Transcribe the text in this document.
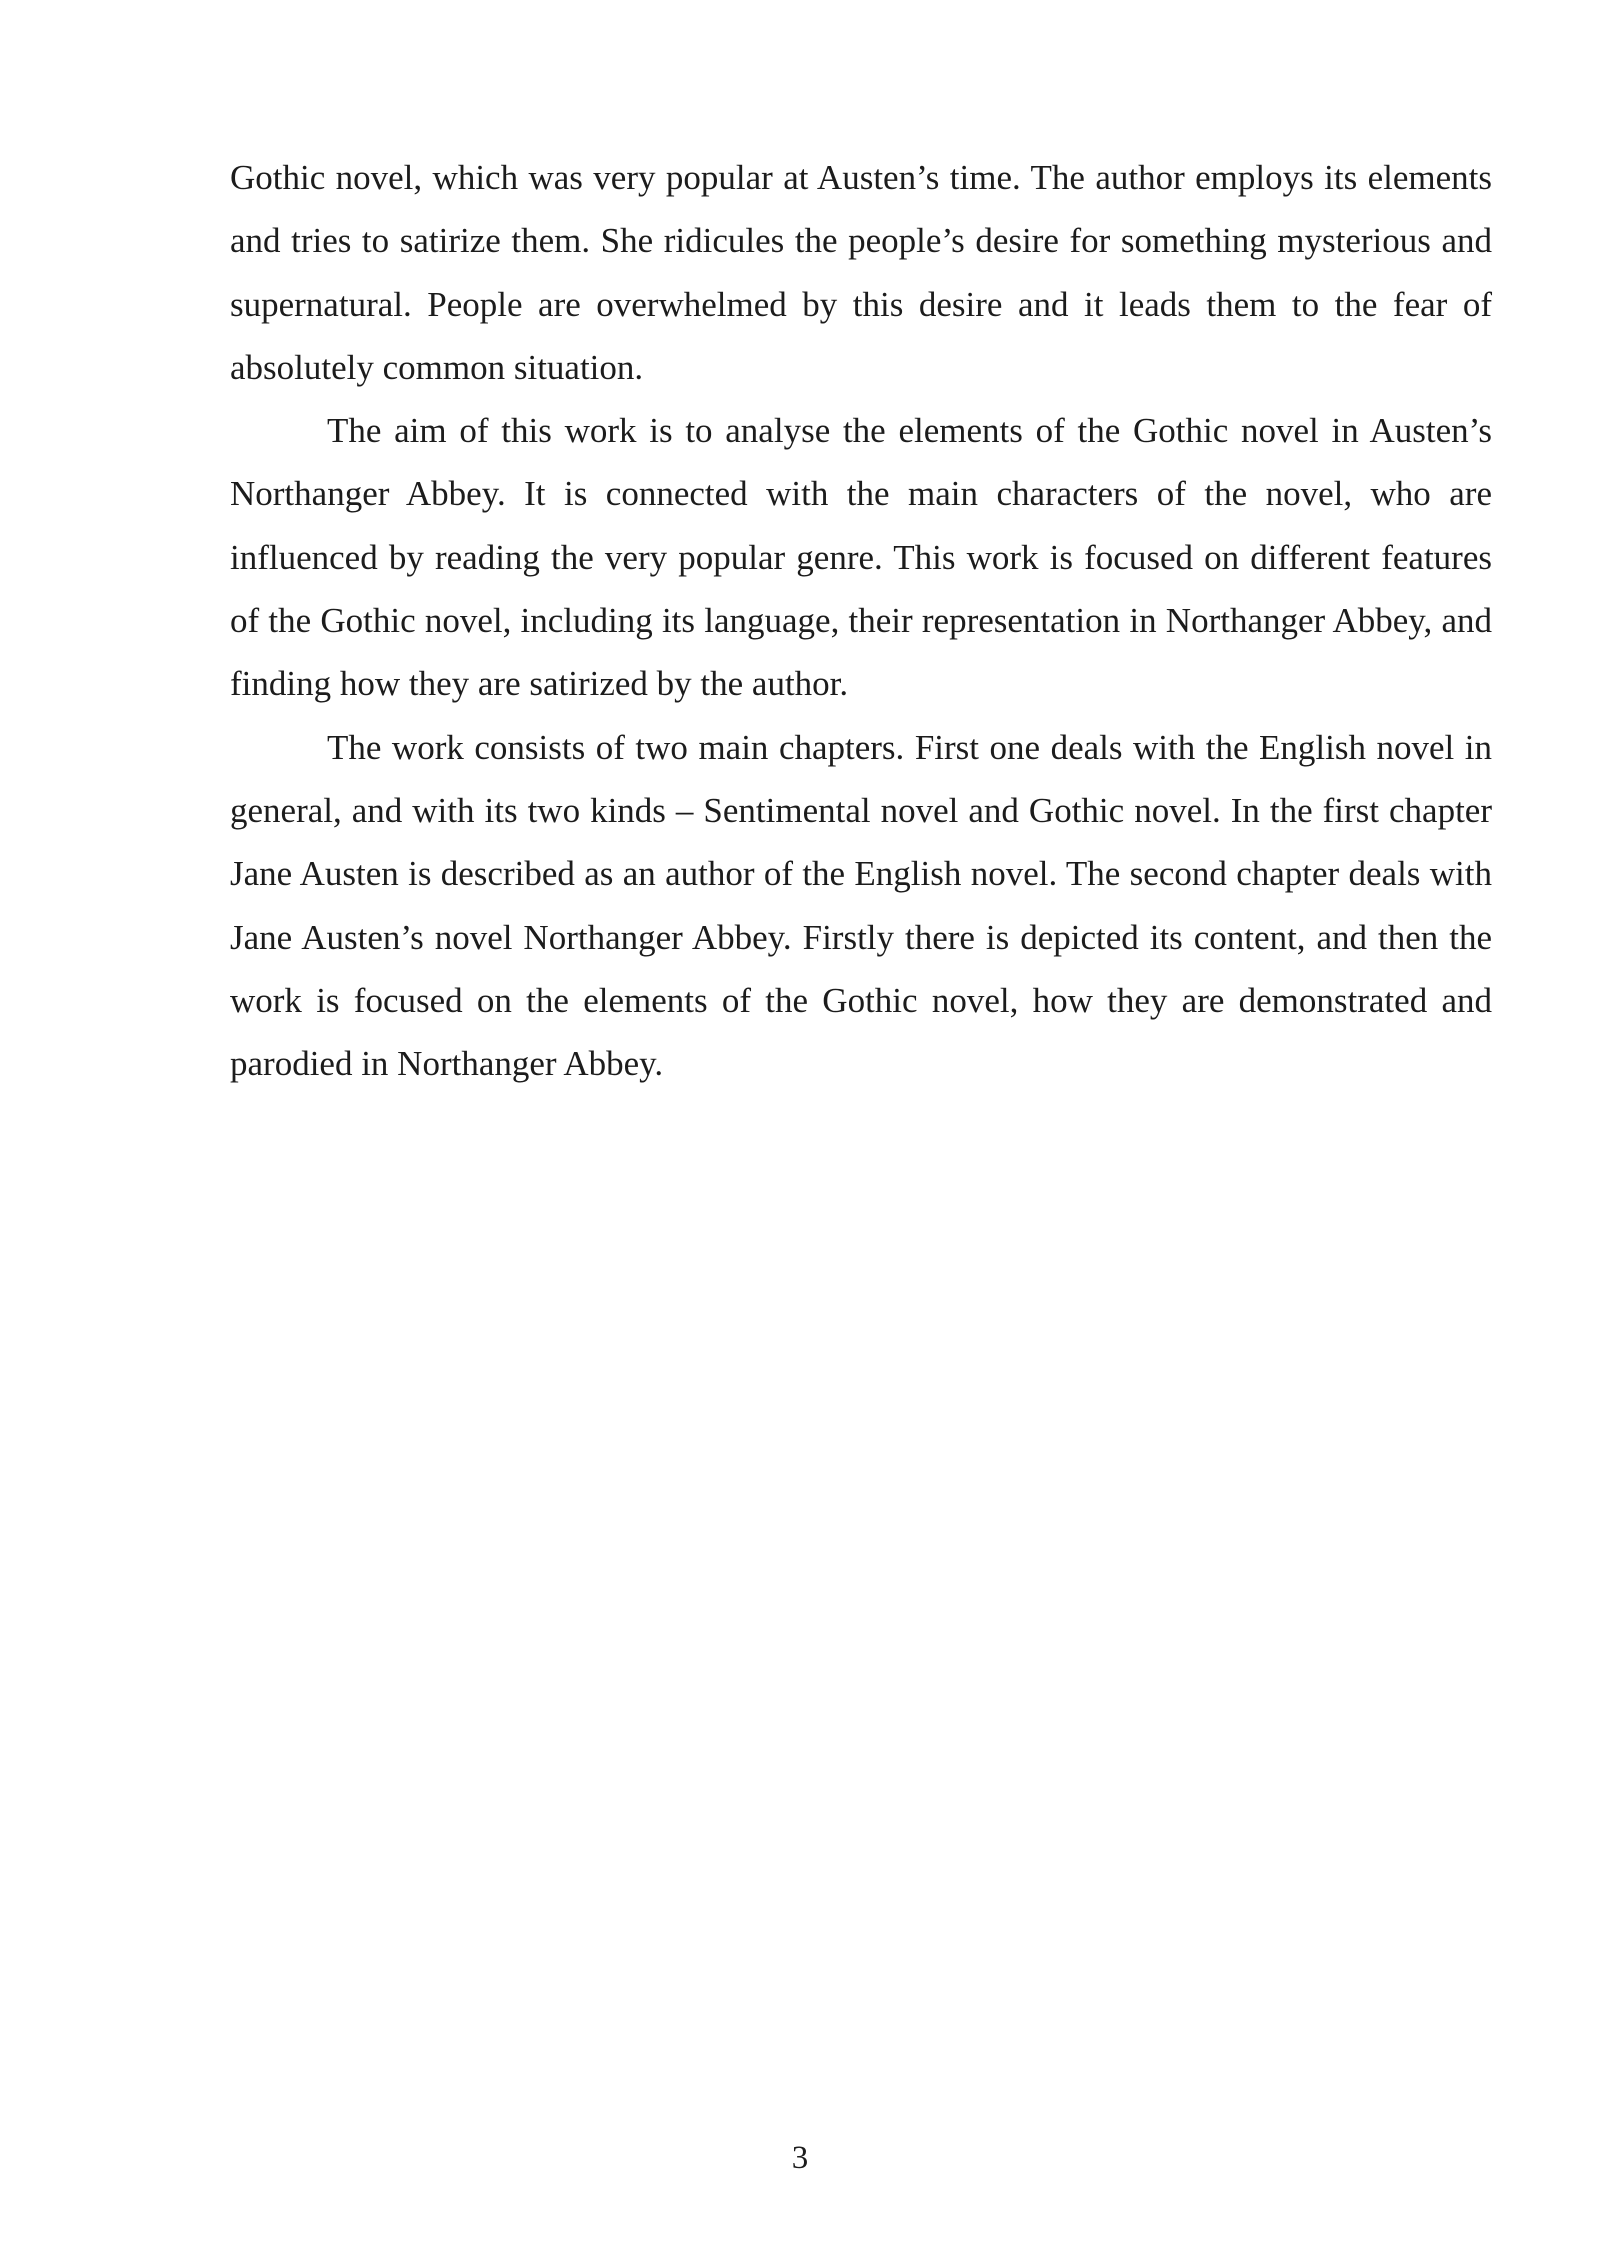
Gothic novel, which was very popular at Austen’s time. The author employs its elements and tries to satirize them. She ridicules the people’s desire for something mysterious and supernatural. People are overwhelmed by this desire and it leads them to the fear of absolutely common situation.

The aim of this work is to analyse the elements of the Gothic novel in Austen’s Northanger Abbey. It is connected with the main characters of the novel, who are influenced by reading the very popular genre. This work is focused on different features of the Gothic novel, including its language, their representation in Northanger Abbey, and finding how they are satirized by the author.

The work consists of two main chapters. First one deals with the English novel in general, and with its two kinds – Sentimental novel and Gothic novel. In the first chapter Jane Austen is described as an author of the English novel. The second chapter deals with Jane Austen’s novel Northanger Abbey. Firstly there is depicted its content, and then the work is focused on the elements of the Gothic novel, how they are demonstrated and parodied in Northanger Abbey.

3
